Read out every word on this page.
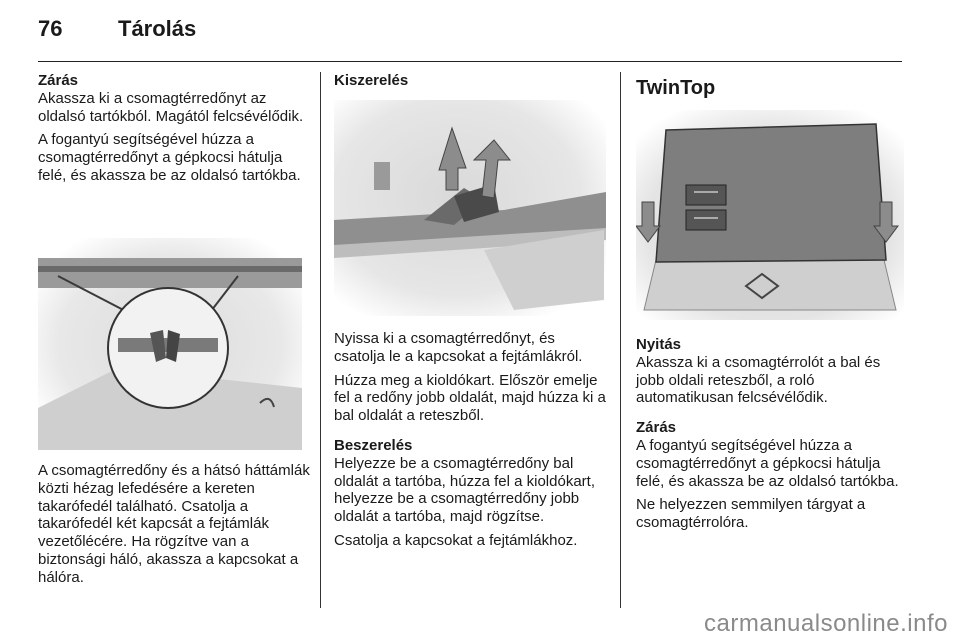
76	Tárolás
Zárás

Akassza ki a csomagtérredőnyt az oldalsó tartókból. Magától felcsévélődik.

A fogantyú segítségével húzza a csomagtérredőnyt a gépkocsi hátulja felé, és akassza be az oldalsó tartókba.

A csomagtérredőny és a hátsó háttámlák közti hézag lefedésére a kereten takarófedél található. Csatolja a takarófedél két kapcsát a fejtámlák vezetőlécére. Ha rögzítve van a biztonsági háló, akassza a kapcsokat a hálóra.

Kiszerelés

Nyissa ki a csomagtérredőnyt, és csatolja le a kapcsokat a fejtámlákról.

Húzza meg a kioldókart. Először emelje fel a redőny jobb oldalát, majd húzza ki a bal oldalát a reteszből.

Beszerelés

Helyezze be a csomagtérredőny bal oldalát a tartóba, húzza fel a kioldókart, helyezze be a csomagtérredőny jobb oldalát a tartóba, majd rögzítse.

Csatolja a kapcsokat a fejtámlákhoz.

TwinTop
Nyitás

Akassza ki a csomagtérrolót a bal és jobb oldali reteszből, a roló automatikusan felcsévélődik.

Zárás

A fogantyú segítségével húzza a csomagtérredőnyt a gépkocsi hátulja felé, és akassza be az oldalsó tartókba.

Ne helyezzen semmilyen tárgyat a csomagtérrolóra.

carmanualsonline.info
